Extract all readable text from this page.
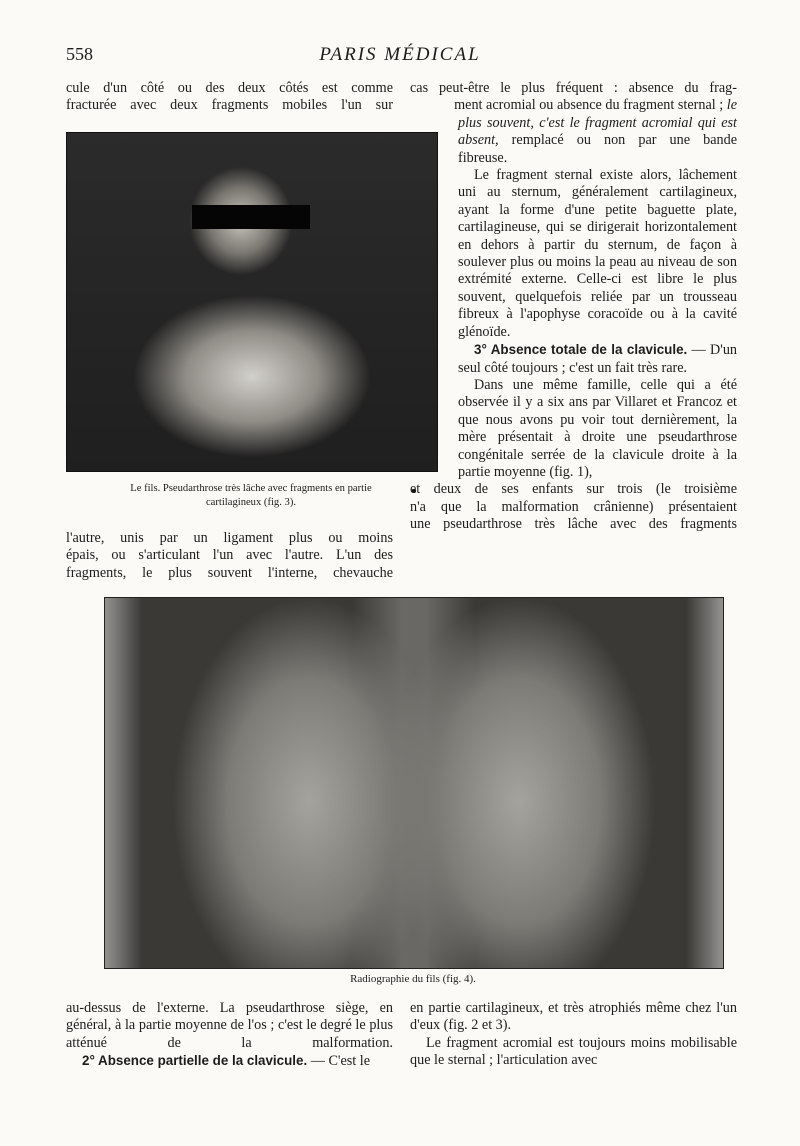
558	PARIS MÉDICAL
cule d'un côté ou des deux côtés est comme
fracturée avec deux fragments mobiles l'un sur
Le fils. Pseudarthrose très lâche avec fragments en partie
cartilagineux (fig. 3).
l'autre, unis par un ligament plus ou moins
épais, ou s'articulant l'un avec l'autre. L'un des
fragments, le plus souvent l'interne, chevauche
cas peut-être le plus fréquent : absence du frag-
ment acromial ou absence du fragment sternal ; le
plus souvent, c'est le fragment acromial qui est
absent, remplacé ou non par une bande
fibreuse.

Le fragment sternal existe alors, lâchement uni au sternum, généralement cartilagineux, ayant la forme d'une petite baguette plate, cartilagineuse, qui se dirigerait horizontalement en dehors à partir du sternum, de façon à soulever plus ou moins la peau au niveau de son extrémité externe. Celle-ci est libre le plus souvent, quelquefois reliée par un trousseau fibreux à l'apophyse coracoïde ou à la cavité glénoïde.

3° Absence totale de la clavicule. — D'un seul côté toujours ; c'est un fait très rare.

Dans une même famille, celle qui a été observée il y a six ans par Villaret et Francoz et que nous avons pu voir tout dernièrement, la mère présentait à droite une pseudarthrose congénitale serrée de la clavicule droite à la partie moyenne (fig. 1),

et deux de ses enfants sur trois (le troisième
n'a que la malformation crânienne) présentaient
une pseudarthrose très lâche avec des fragments
Radiographie du fils (fig. 4).

au-dessus de l'externe. La pseudarthrose siège, en général, à la partie moyenne de l'os ; c'est le degré le plus atténué de la malformation.

2° Absence partielle de la clavicule. — C'est le

en partie cartilagineux, et très atrophiés même chez l'un d'eux (fig. 2 et 3).

Le fragment acromial est toujours moins mobilisable que le sternal ; l'articulation avec
